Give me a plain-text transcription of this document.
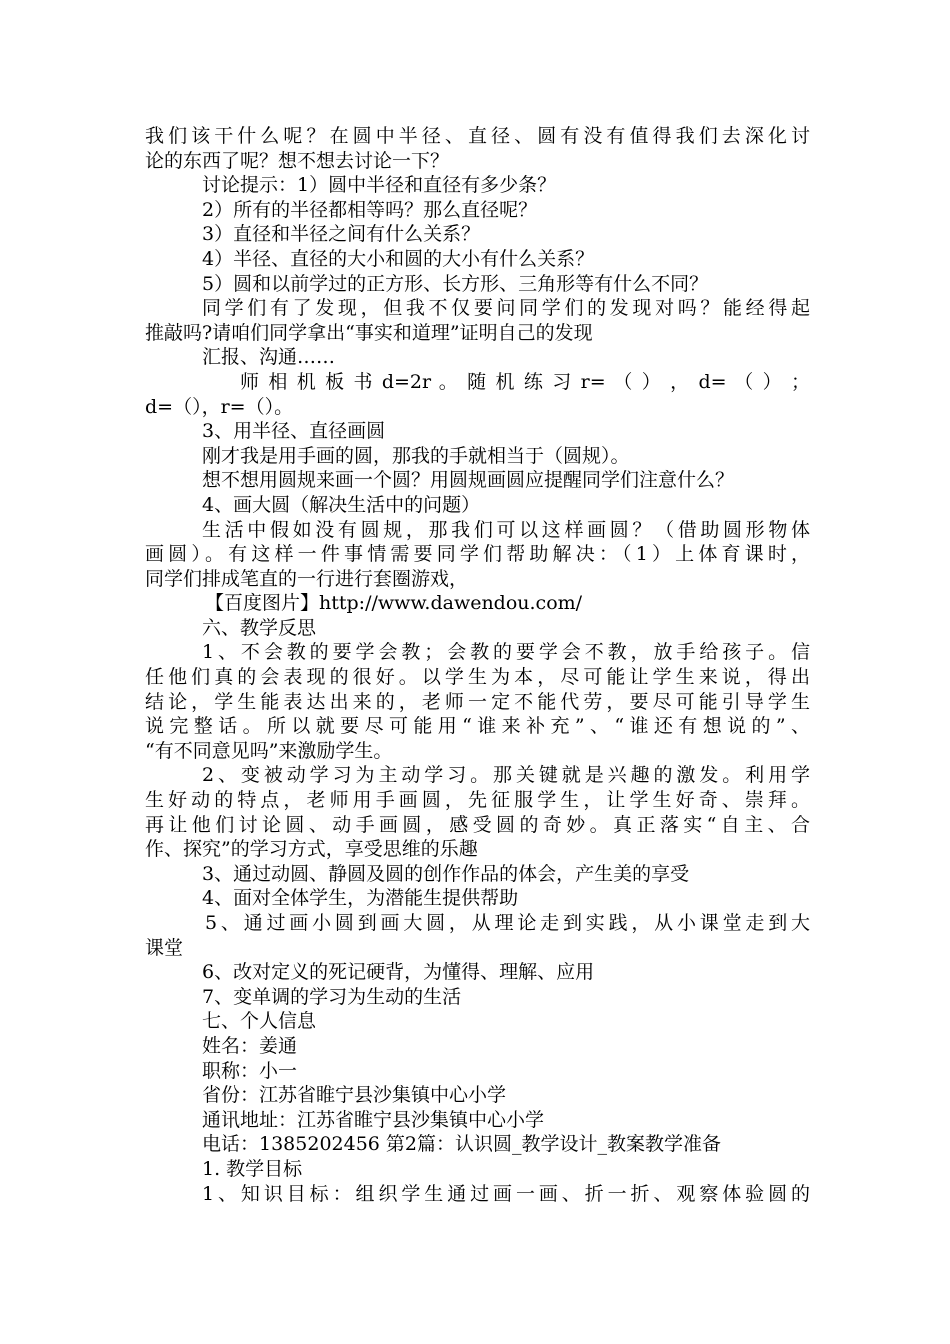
我们该干什么呢？在圆中半径、直径、圆有没有值得我们去深化讨
论的东西了呢？想不想去讨论一下？
讨论提示：1）圆中半径和直径有多少条？
2）所有的半径都相等吗？那么直径呢？
3）直径和半径之间有什么关系？
4）半径、直径的大小和圆的大小有什么关系？
5）圆和以前学过的正方形、长方形、三角形等有什么不同？
同学们有了发现，但我不仅要问同学们的发现对吗？能经得起
推敲吗?请咱们同学拿出“事实和道理”证明自己的发现
汇报、沟通……
师 相 机 板 书 d=2r 。 随 机 练 习 r= （ ） ， d= （ ） ；
d=（），r=（）。
3、用半径、直径画圆
刚才我是用手画的圆，那我的手就相当于（圆规）。
想不想用圆规来画一个圆？用圆规画圆应提醒同学们注意什么？
4、画大圆（解决生活中的问题）
生活中假如没有圆规，那我们可以这样画圆？（借助圆形物体
画圆）。有这样一件事情需要同学们帮助解决：（1）上体育课时，
同学们排成笔直的一行进行套圈游戏，
【百度图片】http://www.dawendou.com/
六、教学反思
1、不会教的要学会教；会教的要学会不教，放手给孩子。信
任他们真的会表现的很好。以学生为本，尽可能让学生来说，得出
结论，学生能表达出来的，老师一定不能代劳，要尽可能引导学生
说完整话。所以就要尽可能用“谁来补充”、“谁还有想说的”、
“有不同意见吗”来激励学生。
2、变被动学习为主动学习。那关键就是兴趣的激发。利用学
生好动的特点，老师用手画圆，先征服学生，让学生好奇、崇拜。
再让他们讨论圆、动手画圆，感受圆的奇妙。真正落实“自主、合
作、探究”的学习方式，享受思维的乐趣
3、通过动圆、静圆及圆的创作作品的体会，产生美的享受
4、面对全体学生，为潜能生提供帮助
5、通过画小圆到画大圆，从理论走到实践，从小课堂走到大
课堂
6、改对定义的死记硬背，为懂得、理解、应用
7、变单调的学习为生动的生活
七、个人信息
姓名：姜通
职称：小一
省份：江苏省睢宁县沙集镇中心小学
通讯地址：江苏省睢宁县沙集镇中心小学
电话：1385202456 第2篇：认识圆_教学设计_教案教学准备
1. 教学目标
1、知识目标：组织学生通过画一画、折一折、观察体验圆的
